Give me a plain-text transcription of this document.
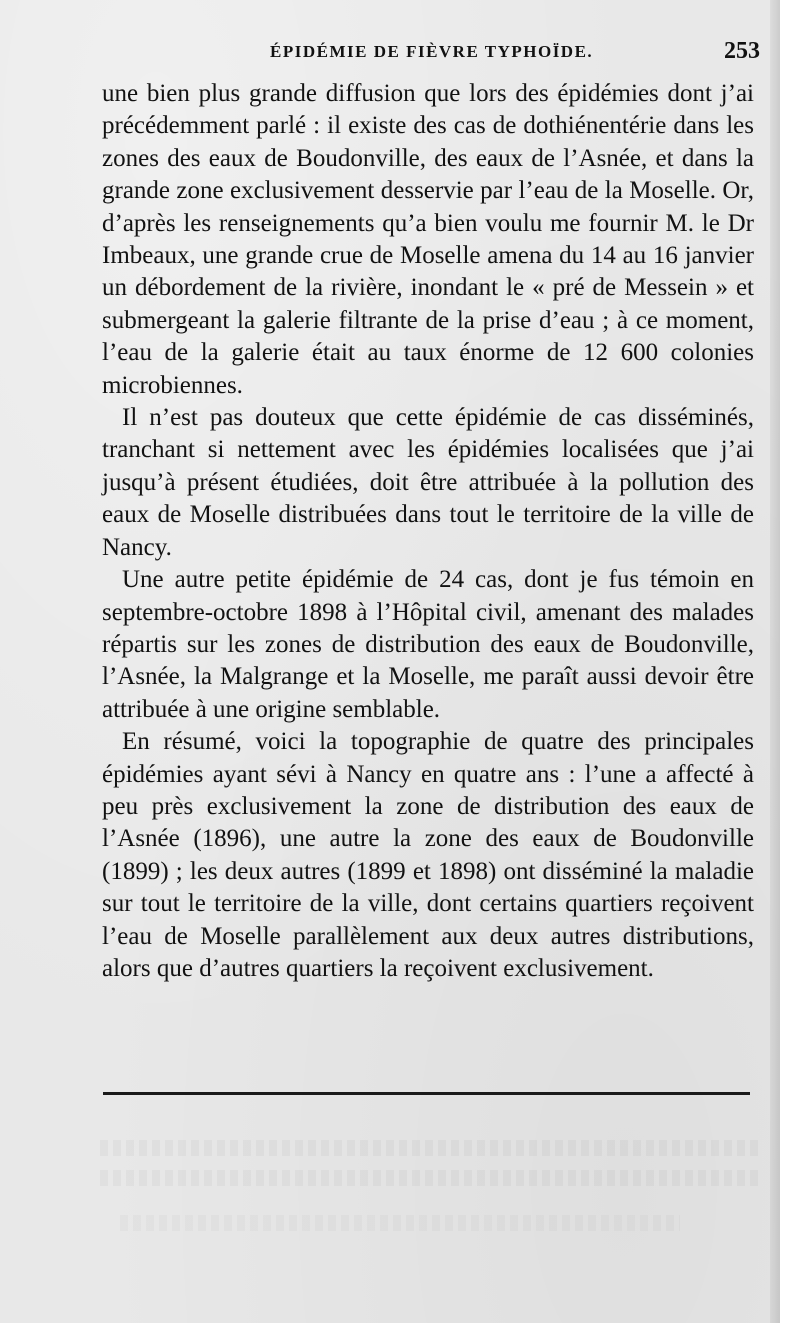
ÉPIDÉMIE DE FIÈVRE TYPHOÏDE.	253

une bien plus grande diffusion que lors des épidémies dont j’ai précédemment parlé : il existe des cas de dothiénentérie dans les zones des eaux de Boudonville, des eaux de l’Asnée, et dans la grande zone exclusivement desservie par l’eau de la Moselle. Or, d’après les renseignements qu’a bien voulu me fournir M. le Dr Imbeaux, une grande crue de Moselle amena du 14 au 16 janvier un débordement de la rivière, inondant le « pré de Messein » et submergeant la galerie filtrante de la prise d’eau ; à ce moment, l’eau de la galerie était au taux énorme de 12 600 colonies microbiennes.

Il n’est pas douteux que cette épidémie de cas disséminés, tranchant si nettement avec les épidémies localisées que j’ai jusqu’à présent étudiées, doit être attribuée à la pollution des eaux de Moselle distribuées dans tout le territoire de la ville de Nancy.

Une autre petite épidémie de 24 cas, dont je fus témoin en septembre-octobre 1898 à l’Hôpital civil, amenant des malades répartis sur les zones de distribution des eaux de Boudonville, l’Asnée, la Malgrange et la Moselle, me paraît aussi devoir être attribuée à une origine semblable.

En résumé, voici la topographie de quatre des principales épidémies ayant sévi à Nancy en quatre ans : l’une a affecté à peu près exclusivement la zone de distribution des eaux de l’Asnée (1896), une autre la zone des eaux de Boudonville (1899) ; les deux autres (1899 et 1898) ont disséminé la maladie sur tout le territoire de la ville, dont certains quartiers reçoivent l’eau de Moselle parallèlement aux deux autres distributions, alors que d’autres quartiers la reçoivent exclusivement.
